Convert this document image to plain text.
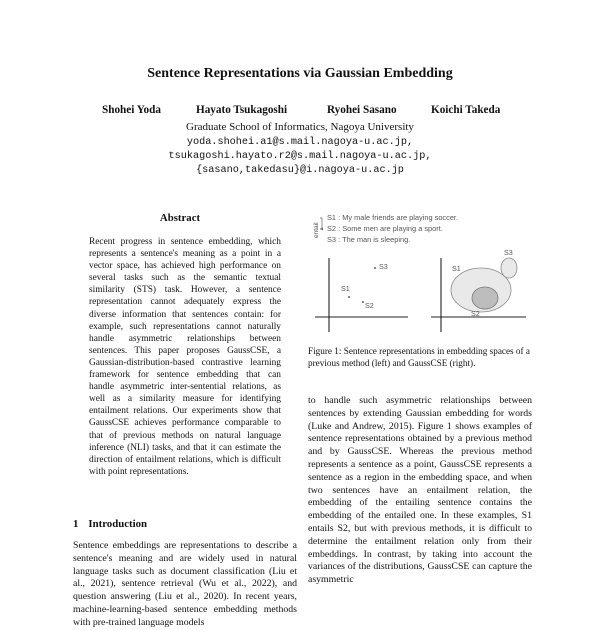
Sentence Representations via Gaussian Embedding
Shohei Yoda	Hayato Tsukagoshi	Ryohei Sasano	Koichi Takeda
Graduate School of Informatics, Nagoya University
yoda.shohei.a1@s.mail.nagoya-u.ac.jp,
tsukagoshi.hayato.r2@s.mail.nagoya-u.ac.jp,
{sasano,takedasu}@i.nagoya-u.ac.jp
Abstract
Recent progress in sentence embedding, which represents a sentence's meaning as a point in a vector space, has achieved high performance on several tasks such as the semantic textual similarity (STS) task. However, a sentence representation cannot adequately express the diverse information that sentences contain: for example, such representations cannot naturally handle asymmetric relationships between sentences. This paper proposes GaussCSE, a Gaussian-distribution-based contrastive learning framework for sentence embedding that can handle asymmetric inter-sentential relations, as well as a similarity measure for identifying entailment relations. Our experiments show that GaussCSE achieves performance comparable to that of previous methods on natural language inference (NLI) tasks, and that it can estimate the direction of entailment relations, which is difficult with point representations.
1 Introduction
Sentence embeddings are representations to describe a sentence's meaning and are widely used in natural language tasks such as document classification (Liu et al., 2021), sentence retrieval (Wu et al., 2022), and question answering (Liu et al., 2020). In recent years, machine-learning-based sentence embedding methods with pre-trained language models
entail
S1 : My male friends are playing soccer.
S2 : Some men are playing a sport.
S3 : The man is sleeping.
S3
S1
S2
S1
S2
S3
Figure 1: Sentence representations in embedding spaces of a previous method (left) and GaussCSE (right).
to handle such asymmetric relationships between sentences by extending Gaussian embedding for words (Luke and Andrew, 2015). Figure 1 shows examples of sentence representations obtained by a previous method and by GaussCSE. Whereas the previous method represents a sentence as a point, GaussCSE represents a sentence as a region in the embedding space, and when two sentences have an entailment relation, the embedding of the entailing sentence contains the embedding of the entailed one. In these examples, S1 entails S2, but with previous methods, it is difficult to determine the entailment relation only from their embeddings. In contrast, by taking into account the variances of the distributions, GaussCSE can capture the asymmetric
